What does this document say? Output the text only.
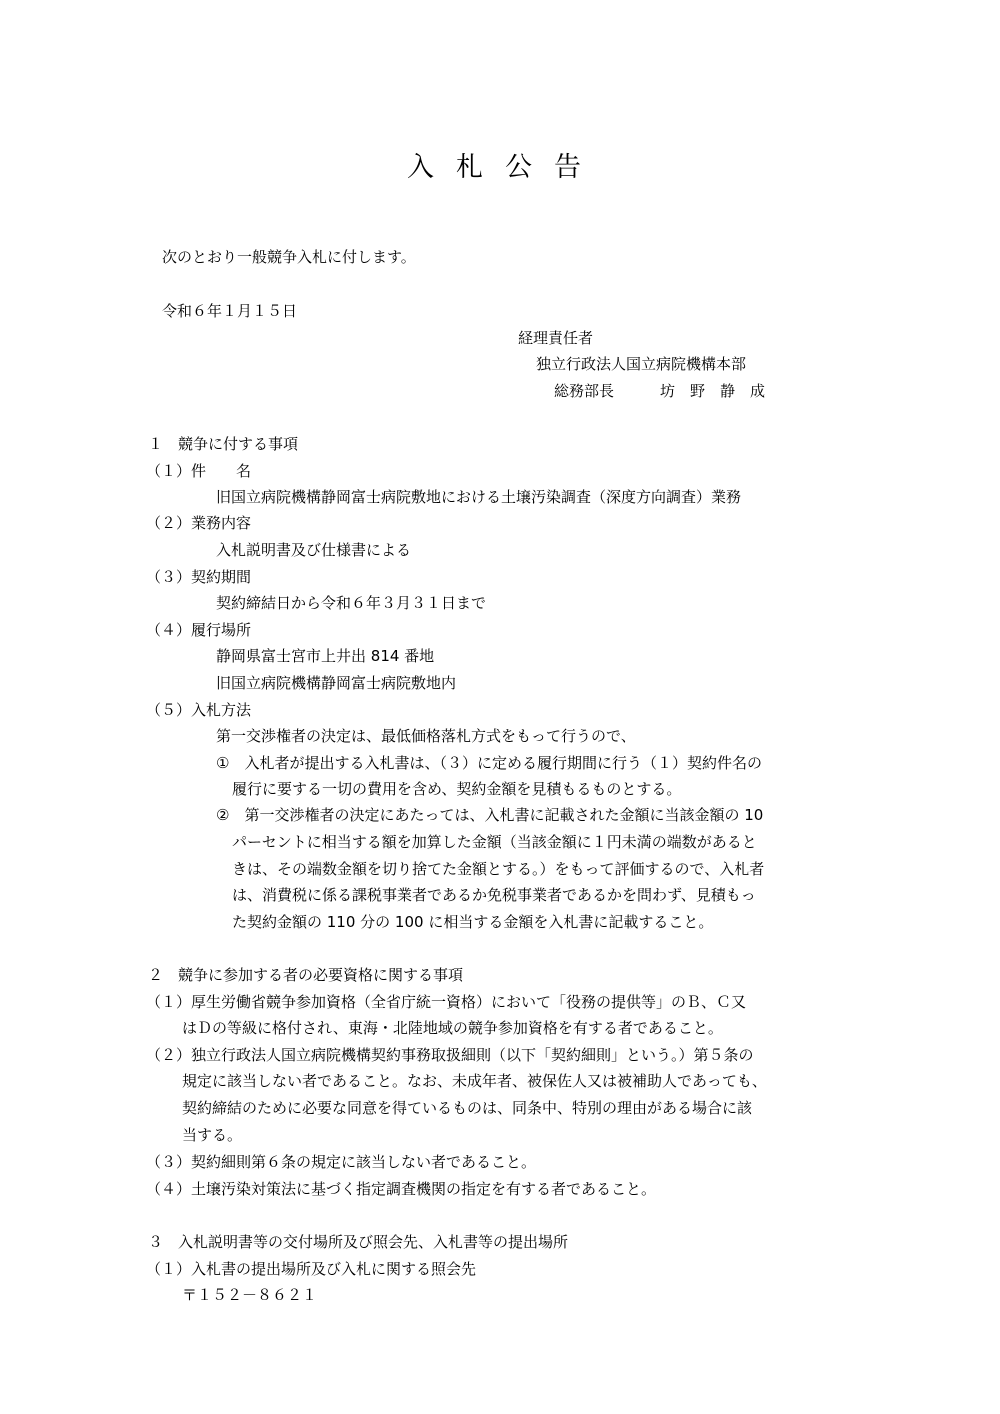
入札公告
次のとおり一般競争入札に付します。
令和６年１月１５日
経理責任者
独立行政法人国立病院機構本部
総務部長	坊　野　静　成
１　競争に付する事項
（１）件　　名
旧国立病院機構静岡富士病院敷地における土壌汚染調査（深度方向調査）業務
（２）業務内容
入札説明書及び仕様書による
（３）契約期間
契約締結日から令和６年３月３１日まで
（４）履行場所
静岡県富士宮市上井出 814 番地
旧国立病院機構静岡富士病院敷地内
（５）入札方法
第一交渉権者の決定は、最低価格落札方式をもって行うので、
①　入札者が提出する入札書は、（３）に定める履行期間に行う（１）契約件名の
履行に要する一切の費用を含め、契約金額を見積もるものとする。
②　第一交渉権者の決定にあたっては、入札書に記載された金額に当該金額の 10
パーセントに相当する額を加算した金額（当該金額に１円未満の端数があると
きは、その端数金額を切り捨てた金額とする。）をもって評価するので、入札者
は、消費税に係る課税事業者であるか免税事業者であるかを問わず、見積もっ
た契約金額の 110 分の 100 に相当する金額を入札書に記載すること。
２　競争に参加する者の必要資格に関する事項
（１）厚生労働省競争参加資格（全省庁統一資格）において「役務の提供等」のＢ、Ｃ又
はＤの等級に格付され、東海・北陸地域の競争参加資格を有する者であること。
（２）独立行政法人国立病院機構契約事務取扱細則（以下「契約細則」という。）第５条の
規定に該当しない者であること。なお、未成年者、被保佐人又は被補助人であっても、
契約締結のために必要な同意を得ているものは、同条中、特別の理由がある場合に該
当する。
（３）契約細則第６条の規定に該当しない者であること。
（４）土壌汚染対策法に基づく指定調査機関の指定を有する者であること。
３　入札説明書等の交付場所及び照会先、入札書等の提出場所
（１）入札書の提出場所及び入札に関する照会先
〒１５２－８６２１
